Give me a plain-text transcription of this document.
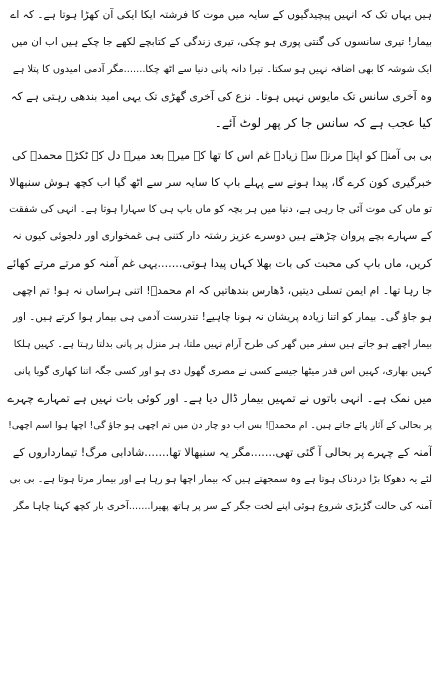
ہیں یہاں تک کہ انہیں پیچیدگیوں کے سایہ میں موت کا فرشتہ ایکا ایکی آن کھڑا ہوتا ہے۔ کہ اے
بیمار! تیری سانسوں کی گنتی پوری ہو چکی، تیری زندگی کے کتابچے لکھے جا چکے ہیں اب ان میں
ایک شوشہ کا بھی اضافہ نہیں ہو سکتا۔ تیرا دانہ پانی دنیا سے اٹھ چکا.......مگر آدمی امیدوں کا پتلا ہے
وہ آخری سانس تک مایوس نہیں ہوتا۔ نزع کی آخری گھڑی تک یہی امید بندھی رہتی ہے کہ
کیا عجب ہے کہ سانس جا کر پھر لوٹ آئے۔
بی بی آمنہ کو اپنے مرنے سے زیادہ غم اس کا تھا کہ میرے بعد میرے دل کے ٹکڑے محمدؐ کی
خبرگیری کون کرے گا، پیدا ہونے سے پہلے باپ کا سایہ سر سے اٹھ گیا اب کچھ ہوش سنبھالا
تو ماں کی موت آئی جا رہی ہے، دنیا میں ہر بچہ کو ماں باپ ہی کا سہارا ہوتا ہے۔ انہی کی شفقت
کے سہارے بچے پروان چڑھتے ہیں دوسرے عزیز رشتہ دار کتنی ہی غمخواری اور دلجوئی کیوں نہ
کریں، ماں باپ کی محبت کی بات بھلا کہاں پیدا ہوتی.......یہی غم آمنہ کو مرتے مرتے کھائے
جا رہا تھا۔ ام ایمن تسلی دیتیں، ڈھارس بندھاتیں کہ ام محمدؐ! اتنی ہراساں نہ ہو! تم اچھی
ہو جاؤ گی۔ بیمار کو اتنا زیادہ پریشان نہ ہونا چاہیے! تندرست آدمی ہی بیمار ہوا کرتے ہیں۔ اور
بیمار اچھے ہو جاتے ہیں سفر میں گھر کی طرح آرام نہیں ملتا، ہر منزل پر پانی بدلتا رہتا ہے۔ کہیں ہلکا
کہیں بھاری، کہیں اس قدر میٹھا جیسے کسی نے مصری گھول دی ہو اور کسی جگہ اتنا کھاری گویا پانی
میں نمک ہے۔ انہی باتوں نے تمہیں بیمار ڈال دیا ہے۔ اور کوئی بات نہیں ہے تمہارے چہرے
پر بحالی کے آثار پائے جاتے ہیں۔ ام محمدؐ! بس اب دو چار دن میں تم اچھی ہو جاؤ گی! اچھا ہوا اسم اچھی!
آمنہ کے چہرے پر بحالی آ گئی تھی.......مگر یہ سنبھالا تھا.......شادابی مرگ! تیمارداروں کے
لئے یہ دھوکا بڑا دردناک ہوتا ہے وہ سمجھتے ہیں کہ بیمار اچھا ہو رہا ہے اور بیمار مرتا ہوتا ہے۔ بی بی
آمنہ کی حالت گڑبڑی شروع ہوئی اپنے لخت جگر کے سر پر ہاتھ پھیرا.......آخری بار کچھ کہنا چاہا مگر
